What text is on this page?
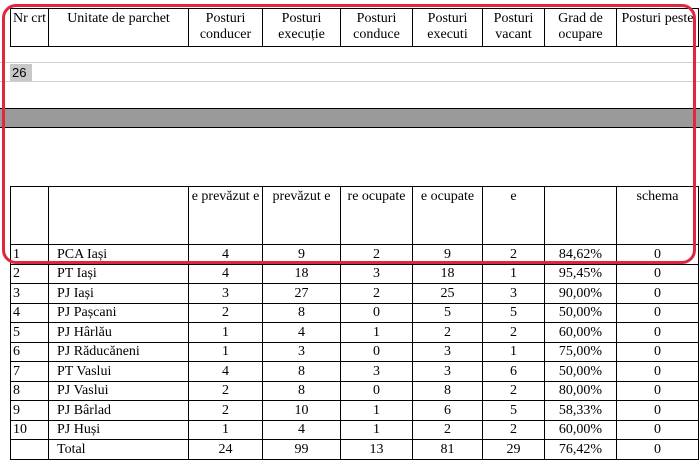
Nr crt	Unitate de parchet	Posturi conducer	Posturi execuție	Posturi conduce	Posturi executi	Posturi vacant	Grad de ocupare	Posturi peste
26
		e prevăzut e	prevăzut e	re ocupate	e ocupate	e		schema
1	PCA Iași	4	9	2	9	2	84,62%	0
2	PT Iași	4	18	3	18	1	95,45%	0
3	PJ Iași	3	27	2	25	3	90,00%	0
4	PJ Pașcani	2	8	0	5	5	50,00%	0
5	PJ Hârlău	1	4	1	2	2	60,00%	0
6	PJ Răducăneni	1	3	0	3	1	75,00%	0
7	PT Vaslui	4	8	3	3	6	50,00%	0
8	PJ Vaslui	2	8	0	8	2	80,00%	0
9	PJ Bârlad	2	10	1	6	5	58,33%	0
10	PJ Huși	1	4	1	2	2	60,00%	0
	Total	24	99	13	81	29	76,42%	0
